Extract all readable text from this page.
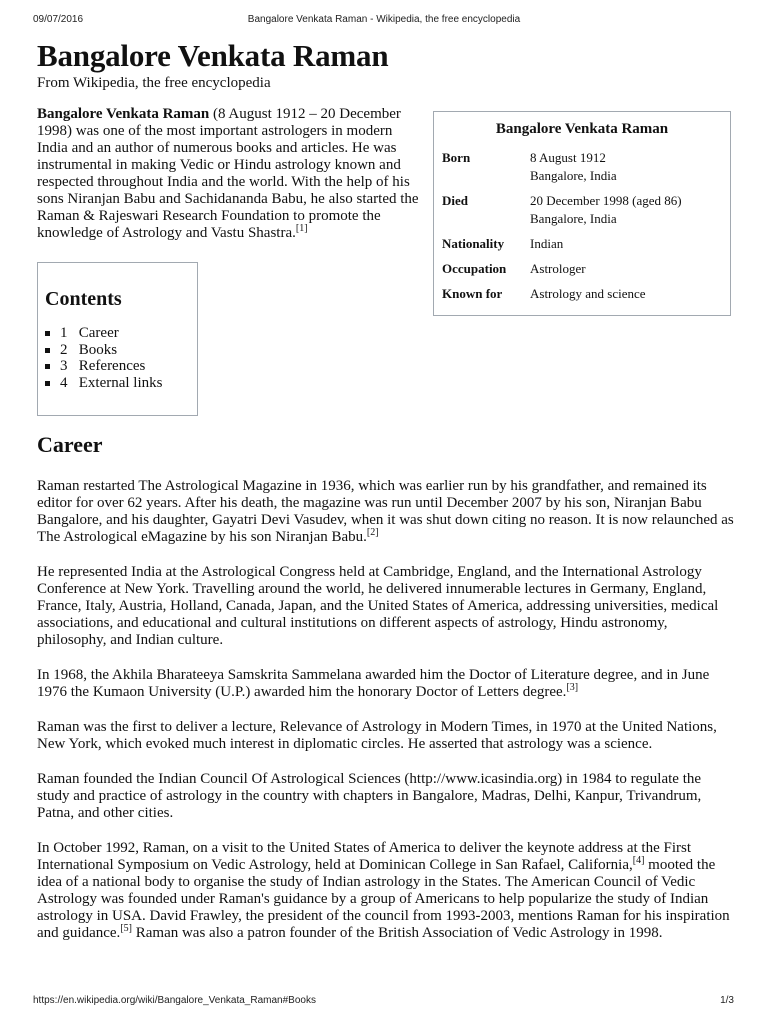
09/07/2016	Bangalore Venkata Raman - Wikipedia, the free encyclopedia
Bangalore Venkata Raman
From Wikipedia, the free encyclopedia

Bangalore Venkata Raman (8 August 1912 – 20 December 1998) was one of the most important astrologers in modern India and an author of numerous books and articles. He was instrumental in making Vedic or Hindu astrology known and respected throughout India and the world. With the help of his sons Niranjan Babu and Sachidananda Babu, he also started the Raman & Rajeswari Research Foundation to promote the knowledge of Astrology and Vastu Shastra.[1]

Bangalore Venkata Raman
Born	8 August 1912
Bangalore, India
Died	20 December 1998 (aged 86)
Bangalore, India
Nationality	Indian
Occupation	Astrologer
Known for	Astrology and science
Contents
1 Career
2 Books
3 References
4 External links
Career

Raman restarted The Astrological Magazine in 1936, which was earlier run by his grandfather, and remained its editor for over 62 years. After his death, the magazine was run until December 2007 by his son, Niranjan Babu Bangalore, and his daughter, Gayatri Devi Vasudev, when it was shut down citing no reason. It is now relaunched as The Astrological eMagazine by his son Niranjan Babu.[2]

He represented India at the Astrological Congress held at Cambridge, England, and the International Astrology Conference at New York. Travelling around the world, he delivered innumerable lectures in Germany, England, France, Italy, Austria, Holland, Canada, Japan, and the United States of America, addressing universities, medical associations, and educational and cultural institutions on different aspects of astrology, Hindu astronomy, philosophy, and Indian culture.

In 1968, the Akhila Bharateeya Samskrita Sammelana awarded him the Doctor of Literature degree, and in June 1976 the Kumaon University (U.P.) awarded him the honorary Doctor of Letters degree.[3]

Raman was the first to deliver a lecture, Relevance of Astrology in Modern Times, in 1970 at the United Nations, New York, which evoked much interest in diplomatic circles. He asserted that astrology was a science.

Raman founded the Indian Council Of Astrological Sciences (http://www.icasindia.org) in 1984 to regulate the study and practice of astrology in the country with chapters in Bangalore, Madras, Delhi, Kanpur, Trivandrum, Patna, and other cities.

In October 1992, Raman, on a visit to the United States of America to deliver the keynote address at the First International Symposium on Vedic Astrology, held at Dominican College in San Rafael, California,[4] mooted the idea of a national body to organise the study of Indian astrology in the States. The American Council of Vedic Astrology was founded under Raman's guidance by a group of Americans to help popularize the study of Indian astrology in USA. David Frawley, the president of the council from 1993-2003, mentions Raman for his inspiration and guidance.[5] Raman was also a patron founder of the British Association of Vedic Astrology in 1998.

https://en.wikipedia.org/wiki/Bangalore_Venkata_Raman#Books	1/3
